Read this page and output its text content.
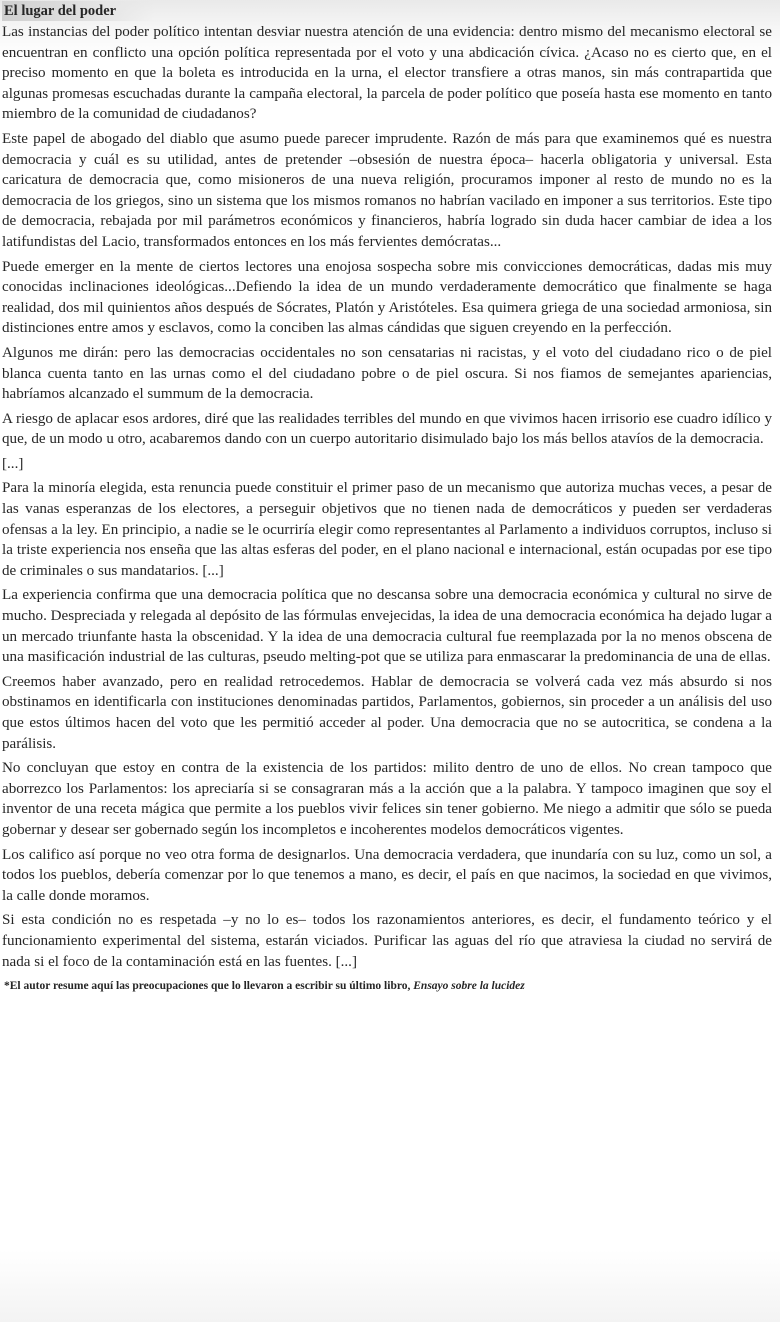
El lugar del poder

Las instancias del poder político intentan desviar nuestra atención de una evidencia: dentro mismo del mecanismo electoral se encuentran en conflicto una opción política representada por el voto y una abdicación cívica. ¿Acaso no es cierto que, en el preciso momento en que la boleta es introducida en la urna, el elector transfiere a otras manos, sin más contrapartida que algunas promesas escuchadas durante la campaña electoral, la parcela de poder político que poseía hasta ese momento en tanto miembro de la comunidad de ciudadanos?

Este papel de abogado del diablo que asumo puede parecer imprudente. Razón de más para que examinemos qué es nuestra democracia y cuál es su utilidad, antes de pretender –obsesión de nuestra época– hacerla obligatoria y universal. Esta caricatura de democracia que, como misioneros de una nueva religión, procuramos imponer al resto de mundo no es la democracia de los griegos, sino un sistema que los mismos romanos no habrían vacilado en imponer a sus territorios. Este tipo de democracia, rebajada por mil parámetros económicos y financieros, habría logrado sin duda hacer cambiar de idea a los latifundistas del Lacio, transformados entonces en los más fervientes demócratas...

Puede emerger en la mente de ciertos lectores una enojosa sospecha sobre mis convicciones democráticas, dadas mis muy conocidas inclinaciones ideológicas...Defiendo la idea de un mundo verdaderamente democrático que finalmente se haga realidad, dos mil quinientos años después de Sócrates, Platón y Aristóteles. Esa quimera griega de una sociedad armoniosa, sin distinciones entre amos y esclavos, como la conciben las almas cándidas que siguen creyendo en la perfección.

Algunos me dirán: pero las democracias occidentales no son censatarias ni racistas, y el voto del ciudadano rico o de piel blanca cuenta tanto en las urnas como el del ciudadano pobre o de piel oscura. Si nos fiamos de semejantes apariencias, habríamos alcanzado el summum de la democracia.

A riesgo de aplacar esos ardores, diré que las realidades terribles del mundo en que vivimos hacen irrisorio ese cuadro idílico y que, de un modo u otro, acabaremos dando con un cuerpo autoritario disimulado bajo los más bellos atavíos de la democracia.

[...]

Para la minoría elegida, esta renuncia puede constituir el primer paso de un mecanismo que autoriza muchas veces, a pesar de las vanas esperanzas de los electores, a perseguir objetivos que no tienen nada de democráticos y pueden ser verdaderas ofensas a la ley. En principio, a nadie se le ocurriría elegir como representantes al Parlamento a individuos corruptos, incluso si la triste experiencia nos enseña que las altas esferas del poder, en el plano nacional e internacional, están ocupadas por ese tipo de criminales o sus mandatarios. [...]

La experiencia confirma que una democracia política que no descansa sobre una democracia económica y cultural no sirve de mucho. Despreciada y relegada al depósito de las fórmulas envejecidas, la idea de una democracia económica ha dejado lugar a un mercado triunfante hasta la obscenidad. Y la idea de una democracia cultural fue reemplazada por la no menos obscena de una masificación industrial de las culturas, pseudo melting-pot que se utiliza para enmascarar la predominancia de una de ellas.

Creemos haber avanzado, pero en realidad retrocedemos. Hablar de democracia se volverá cada vez más absurdo si nos obstinamos en identificarla con instituciones denominadas partidos, Parlamentos, gobiernos, sin proceder a un análisis del uso que estos últimos hacen del voto que les permitió acceder al poder. Una democracia que no se autocritica, se condena a la parálisis.

No concluyan que estoy en contra de la existencia de los partidos: milito dentro de uno de ellos. No crean tampoco que aborrezco los Parlamentos: los apreciaría si se consagraran más a la acción que a la palabra. Y tampoco imaginen que soy el inventor de una receta mágica que permite a los pueblos vivir felices sin tener gobierno. Me niego a admitir que sólo se pueda gobernar y desear ser gobernado según los incompletos e incoherentes modelos democráticos vigentes.

Los califico así porque no veo otra forma de designarlos. Una democracia verdadera, que inundaría con su luz, como un sol, a todos los pueblos, debería comenzar por lo que tenemos a mano, es decir, el país en que nacimos, la sociedad en que vivimos, la calle donde moramos.

Si esta condición no es respetada –y no lo es– todos los razonamientos anteriores, es decir, el fundamento teórico y el funcionamiento experimental del sistema, estarán viciados. Purificar las aguas del río que atraviesa la ciudad no servirá de nada si el foco de la contaminación está en las fuentes. [...]

*El autor resume aquí las preocupaciones que lo llevaron a escribir su último libro, Ensayo sobre la lucidez
